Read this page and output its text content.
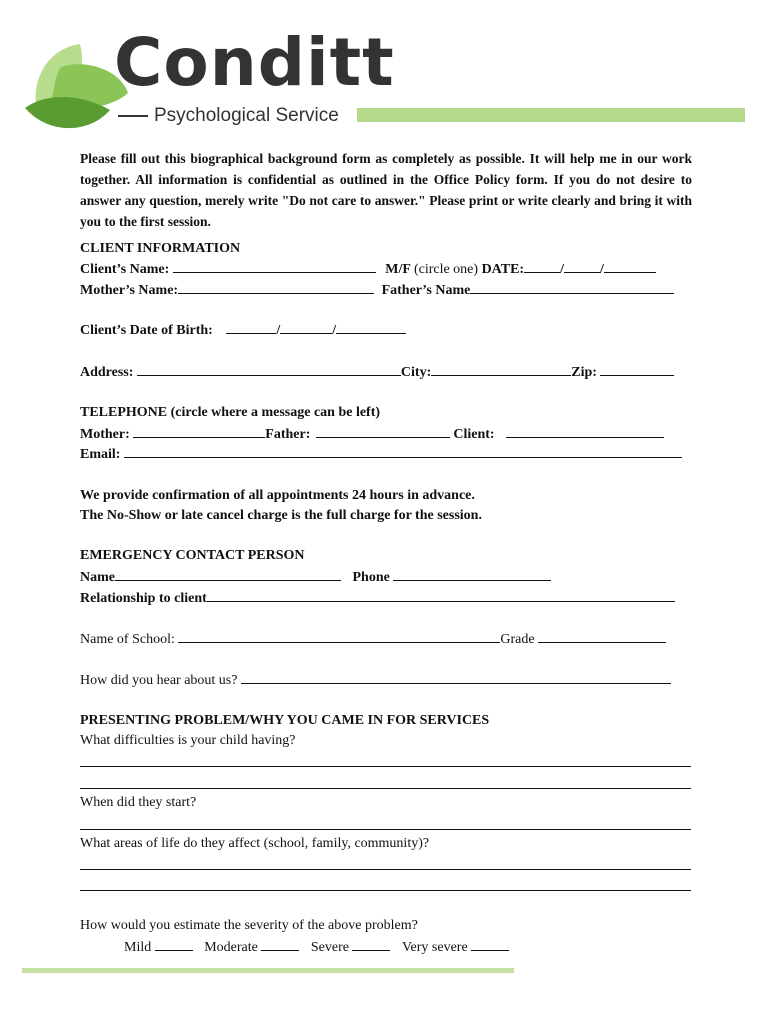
Conditt
Psychological Service
Please fill out this biographical background form as completely as possible. It will help me in our work together. All information is confidential as outlined in the Office Policy form. If you do not desire to answer any question, merely write "Do not care to answer." Please print or write clearly and bring it with you to the first session.
CLIENT INFORMATION
Client’s Name:	M/F (circle one) DATE:	/	/
Mother’s Name:	Father’s Name
Client’s Date of Birth:	/	/
Address:	City:	Zip:
TELEPHONE (circle where a message can be left)
Mother:	Father:	Client:
Email:
We provide confirmation of all appointments 24 hours in advance.
The No-Show or late cancel charge is the full charge for the session.
EMERGENCY CONTACT PERSON
Name	Phone
Relationship to client
Name of School:	Grade
How did you hear about us?
PRESENTING PROBLEM/WHY YOU CAME IN FOR SERVICES
What difficulties is your child having?
When did they start?
What areas of life do they affect (school, family, community)?
How would you estimate the severity of the above problem?
Mild	Moderate	Severe	Very severe
